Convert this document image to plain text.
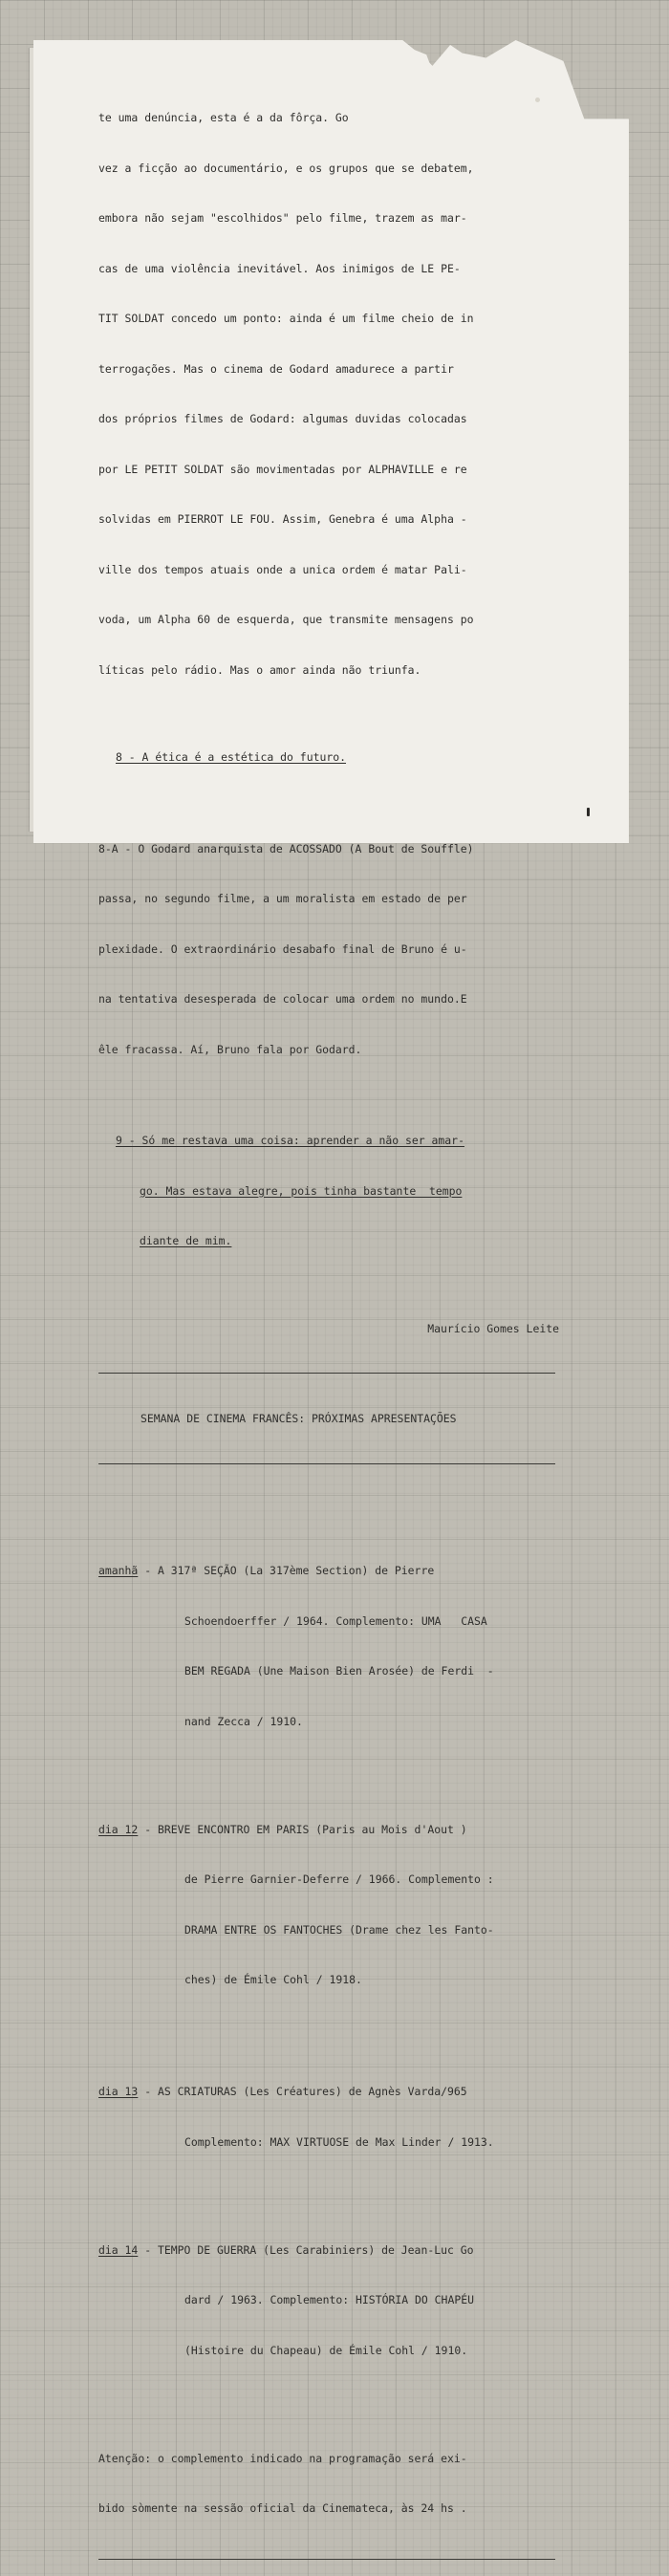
te uma denúncia, esta é a da fôrça. Go

vez a ficção ao documentário, e os grupos que se debatem,

embora não sejam "escolhidos" pelo filme, trazem as mar-

cas de uma violência inevitável. Aos inimigos de LE PE-

TIT SOLDAT concedo um ponto: ainda é um filme cheio de in

terrogações. Mas o cinema de Godard amadurece a partir

dos próprios filmes de Godard: algumas duvidas colocadas

por LE PETIT SOLDAT são movimentadas por ALPHAVILLE e re

solvidas em PIERROT LE FOU. Assim, Genebra é uma Alpha -

ville dos tempos atuais onde a unica ordem é matar Pali-

voda, um Alpha 60 de esquerda, que transmite mensagens po

líticas pelo rádio. Mas o amor ainda não triunfa.

8 - A ética é a estética do futuro.

8-A - O Godard anarquista de ACOSSADO (A Bout de Souffle)

passa, no segundo filme, a um moralista em estado de per

plexidade. O extraordinário desabafo final de Bruno é u-

na tentativa desesperada de colocar uma ordem no mundo.E

êle fracassa. Aí, Bruno fala por Godard.

9 - Só me restava uma coisa: aprender a não ser amar-

go. Mas estava alegre, pois tinha bastante  tempo

diante de mim.

Maurício Gomes Leite

SEMANA DE CINEMA FRANCÊS: PRÓXIMAS APRESENTAÇÕES

amanhã - A 317ª SEÇÃO (La 317ème Section) de Pierre

Schoendoerffer / 1964. Complemento: UMA   CASA

BEM REGADA (Une Maison Bien Arosée) de Ferdi  -

nand Zecca / 1910.

dia 12 - BREVE ENCONTRO EM PARIS (Paris au Mois d'Aout )

de Pierre Garnier-Deferre / 1966. Complemento :

DRAMA ENTRE OS FANTOCHES (Drame chez les Fanto-

ches) de Émile Cohl / 1918.

dia 13 - AS CRIATURAS (Les Créatures) de Agnès Varda/965

Complemento: MAX VIRTUOSE de Max Linder / 1913.

dia 14 - TEMPO DE GUERRA (Les Carabiniers) de Jean-Luc Go

dard / 1963. Complemento: HISTÓRIA DO CHAPÉU

(Histoire du Chapeau) de Émile Cohl / 1910.

Atenção: o complemento indicado na programação será exi-

bido sòmente na sessão oficial da Cinemateca, às 24 hs .
